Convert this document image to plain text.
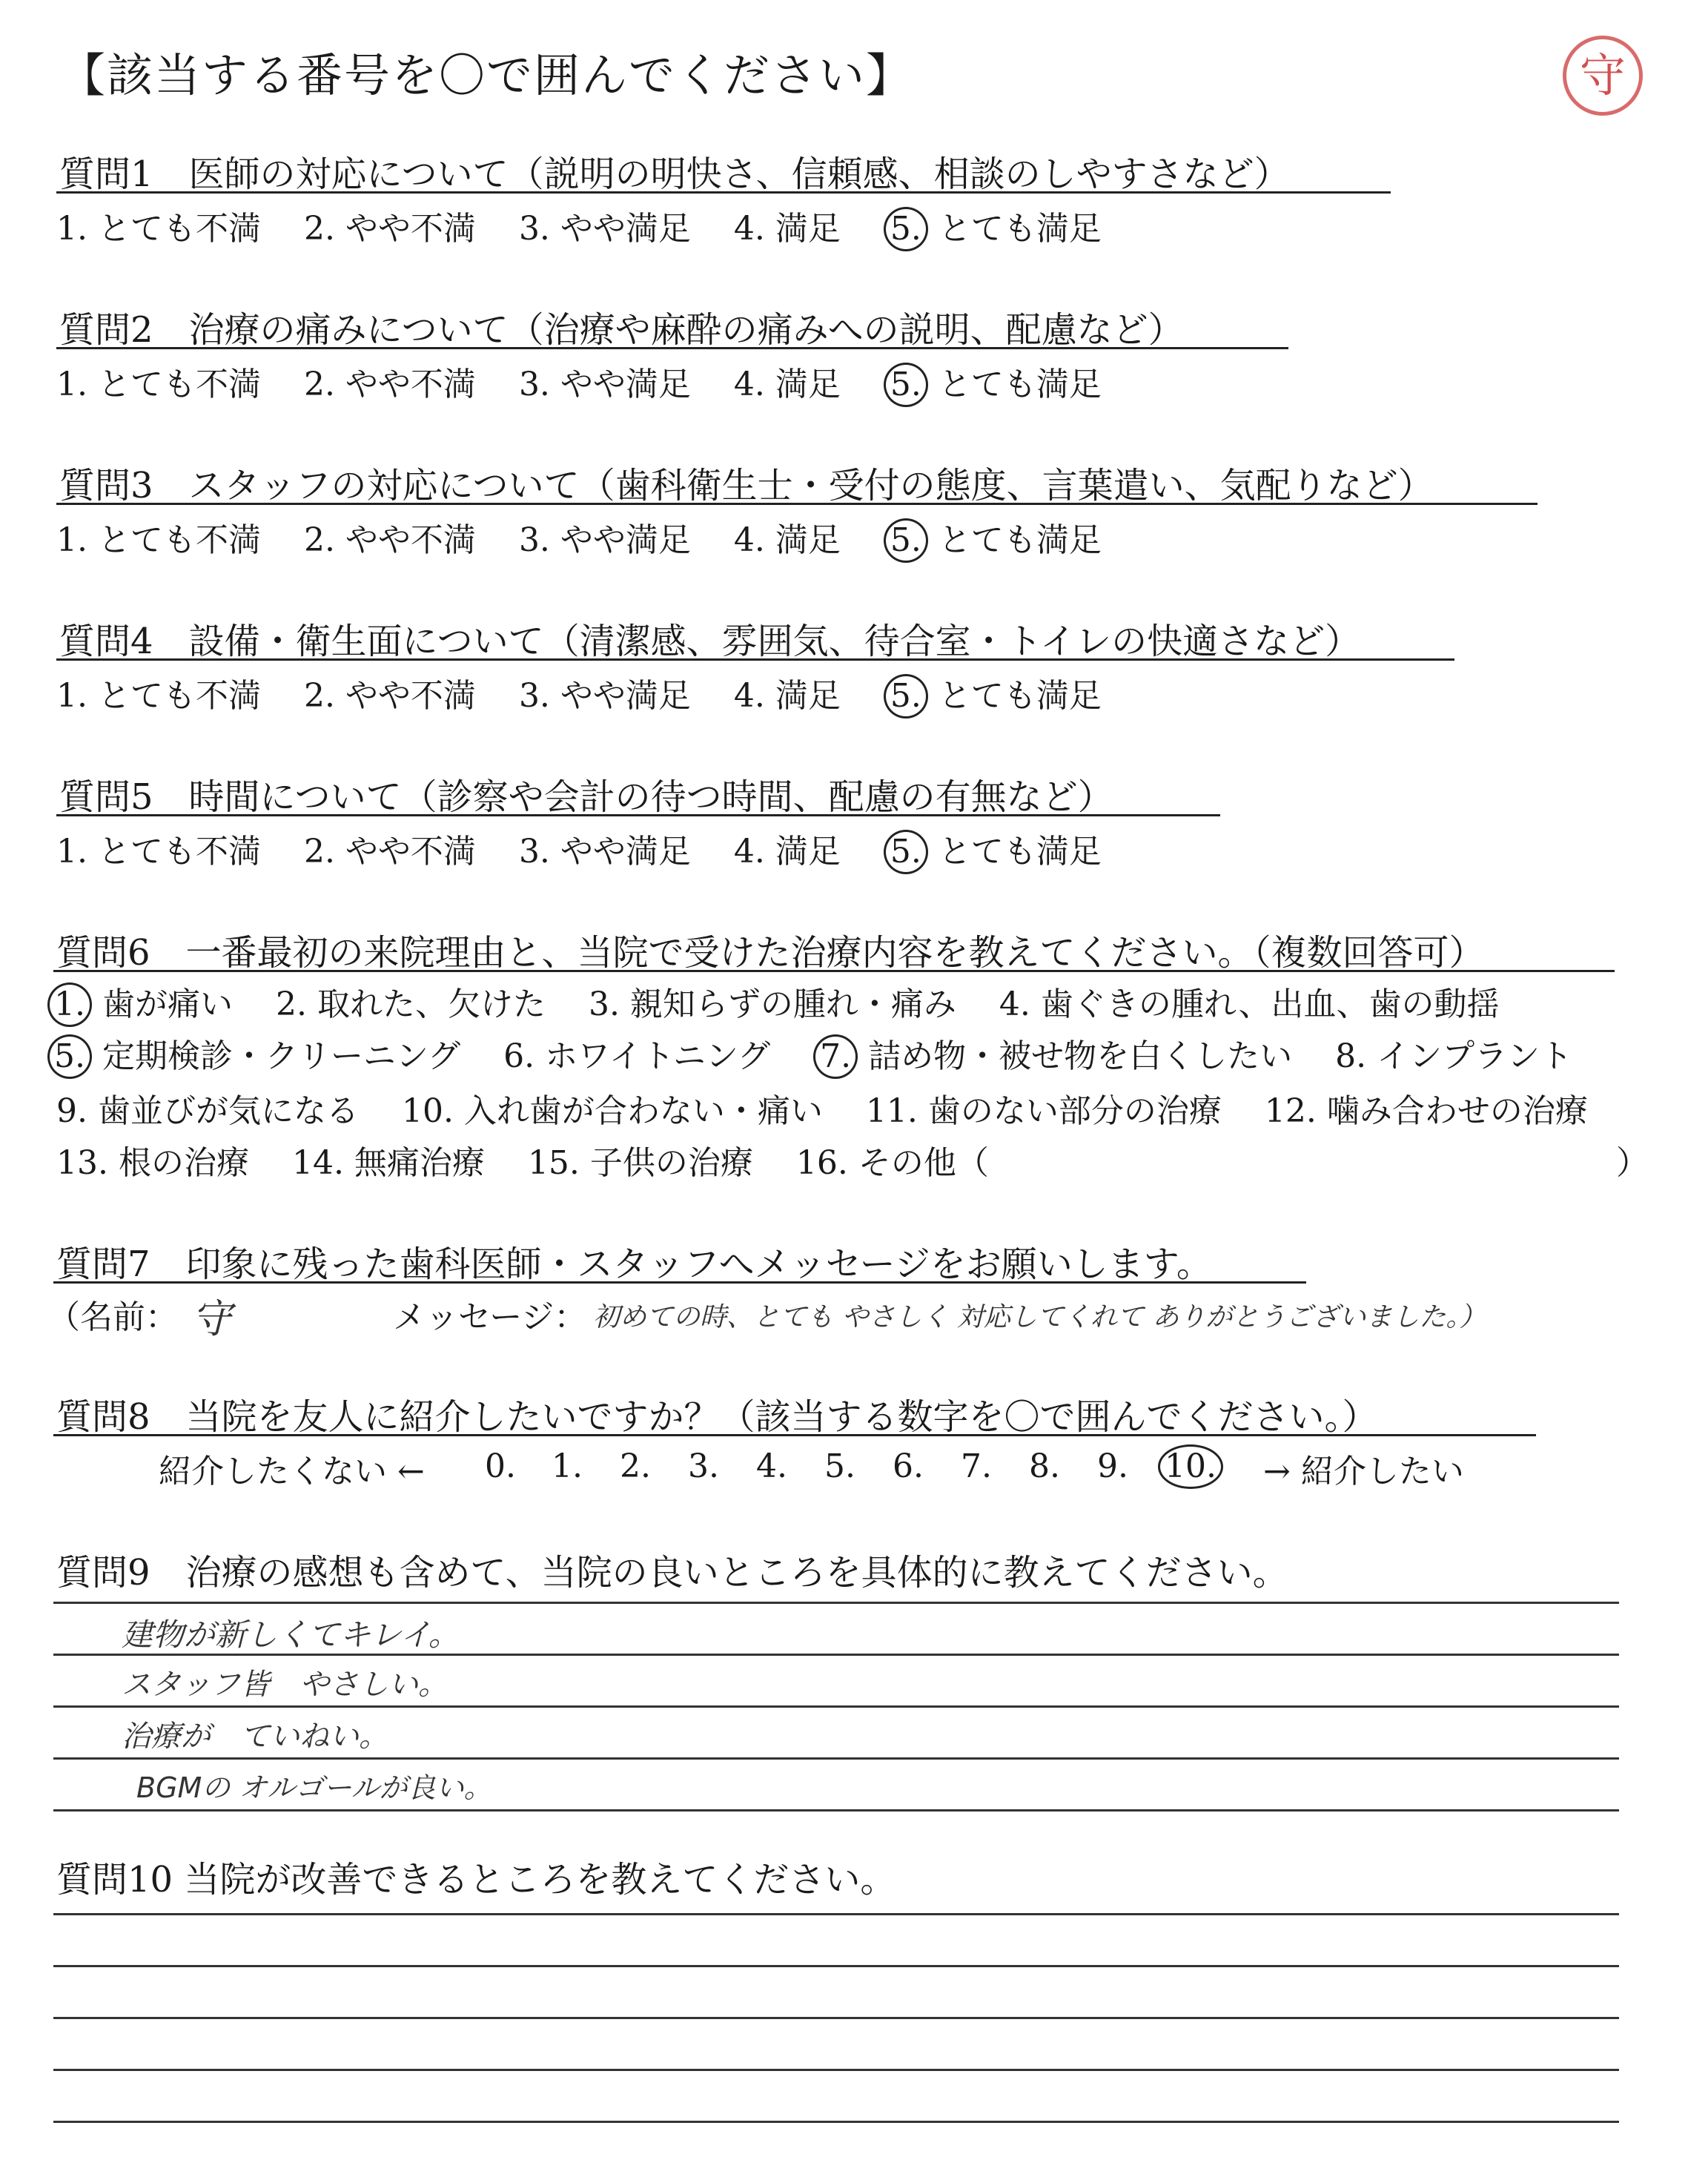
【該当する番号を〇で囲んでください】	守
質問1　医師の対応について（説明の明快さ、信頼感、相談のしやすさなど）
1. とても不満　 2. やや不満　 3. やや満足　 4. 満足　 5. とても満足
質問2　治療の痛みについて（治療や麻酔の痛みへの説明、配慮など）
1. とても不満　 2. やや不満　 3. やや満足　 4. 満足　 5. とても満足
質問3　スタッフの対応について（歯科衛生士・受付の態度、言葉遣い、気配りなど）
1. とても不満　 2. やや不満　 3. やや満足　 4. 満足　 5. とても満足
質問4　設備・衛生面について（清潔感、雰囲気、待合室・トイレの快適さなど）
1. とても不満　 2. やや不満　 3. やや満足　 4. 満足　 5. とても満足
質問5　時間について（診察や会計の待つ時間、配慮の有無など）
1. とても不満　 2. やや不満　 3. やや満足　 4. 満足　 5. とても満足
質問6　一番最初の来院理由と、当院で受けた治療内容を教えてください。（複数回答可）
1. 歯が痛い　 2. 取れた、欠けた　 3. 親知らずの腫れ・痛み　 4. 歯ぐきの腫れ、出血、歯の動揺
5. 定期検診・クリーニング　 6. ホワイトニング　 7. 詰め物・被せ物を白くしたい　 8. インプラント
9. 歯並びが気になる　 10. 入れ歯が合わない・痛い　 11. 歯のない部分の治療　 12. 噛み合わせの治療
13. 根の治療　 14. 無痛治療　 15. 子供の治療　 16. その他（	）
質問7　印象に残った歯科医師・スタッフへメッセージをお願いします。
（名前： 守	メッセージ： 初めての時、とても やさしく 対応してくれて ありがとうございました。）
質問8　当院を友人に紹介したいですか？（該当する数字を〇で囲んでください。）
紹介したくない ← 0. 1. 2. 3. 4. 5. 6. 7. 8. 9. 10. → 紹介したい
質問9　治療の感想も含めて、当院の良いところを具体的に教えてください。
建物が新しくてキレイ。
スタッフ皆　やさしい。
治療が　ていねい。
BGMの オルゴールが良い。
質問10 当院が改善できるところを教えてください。
